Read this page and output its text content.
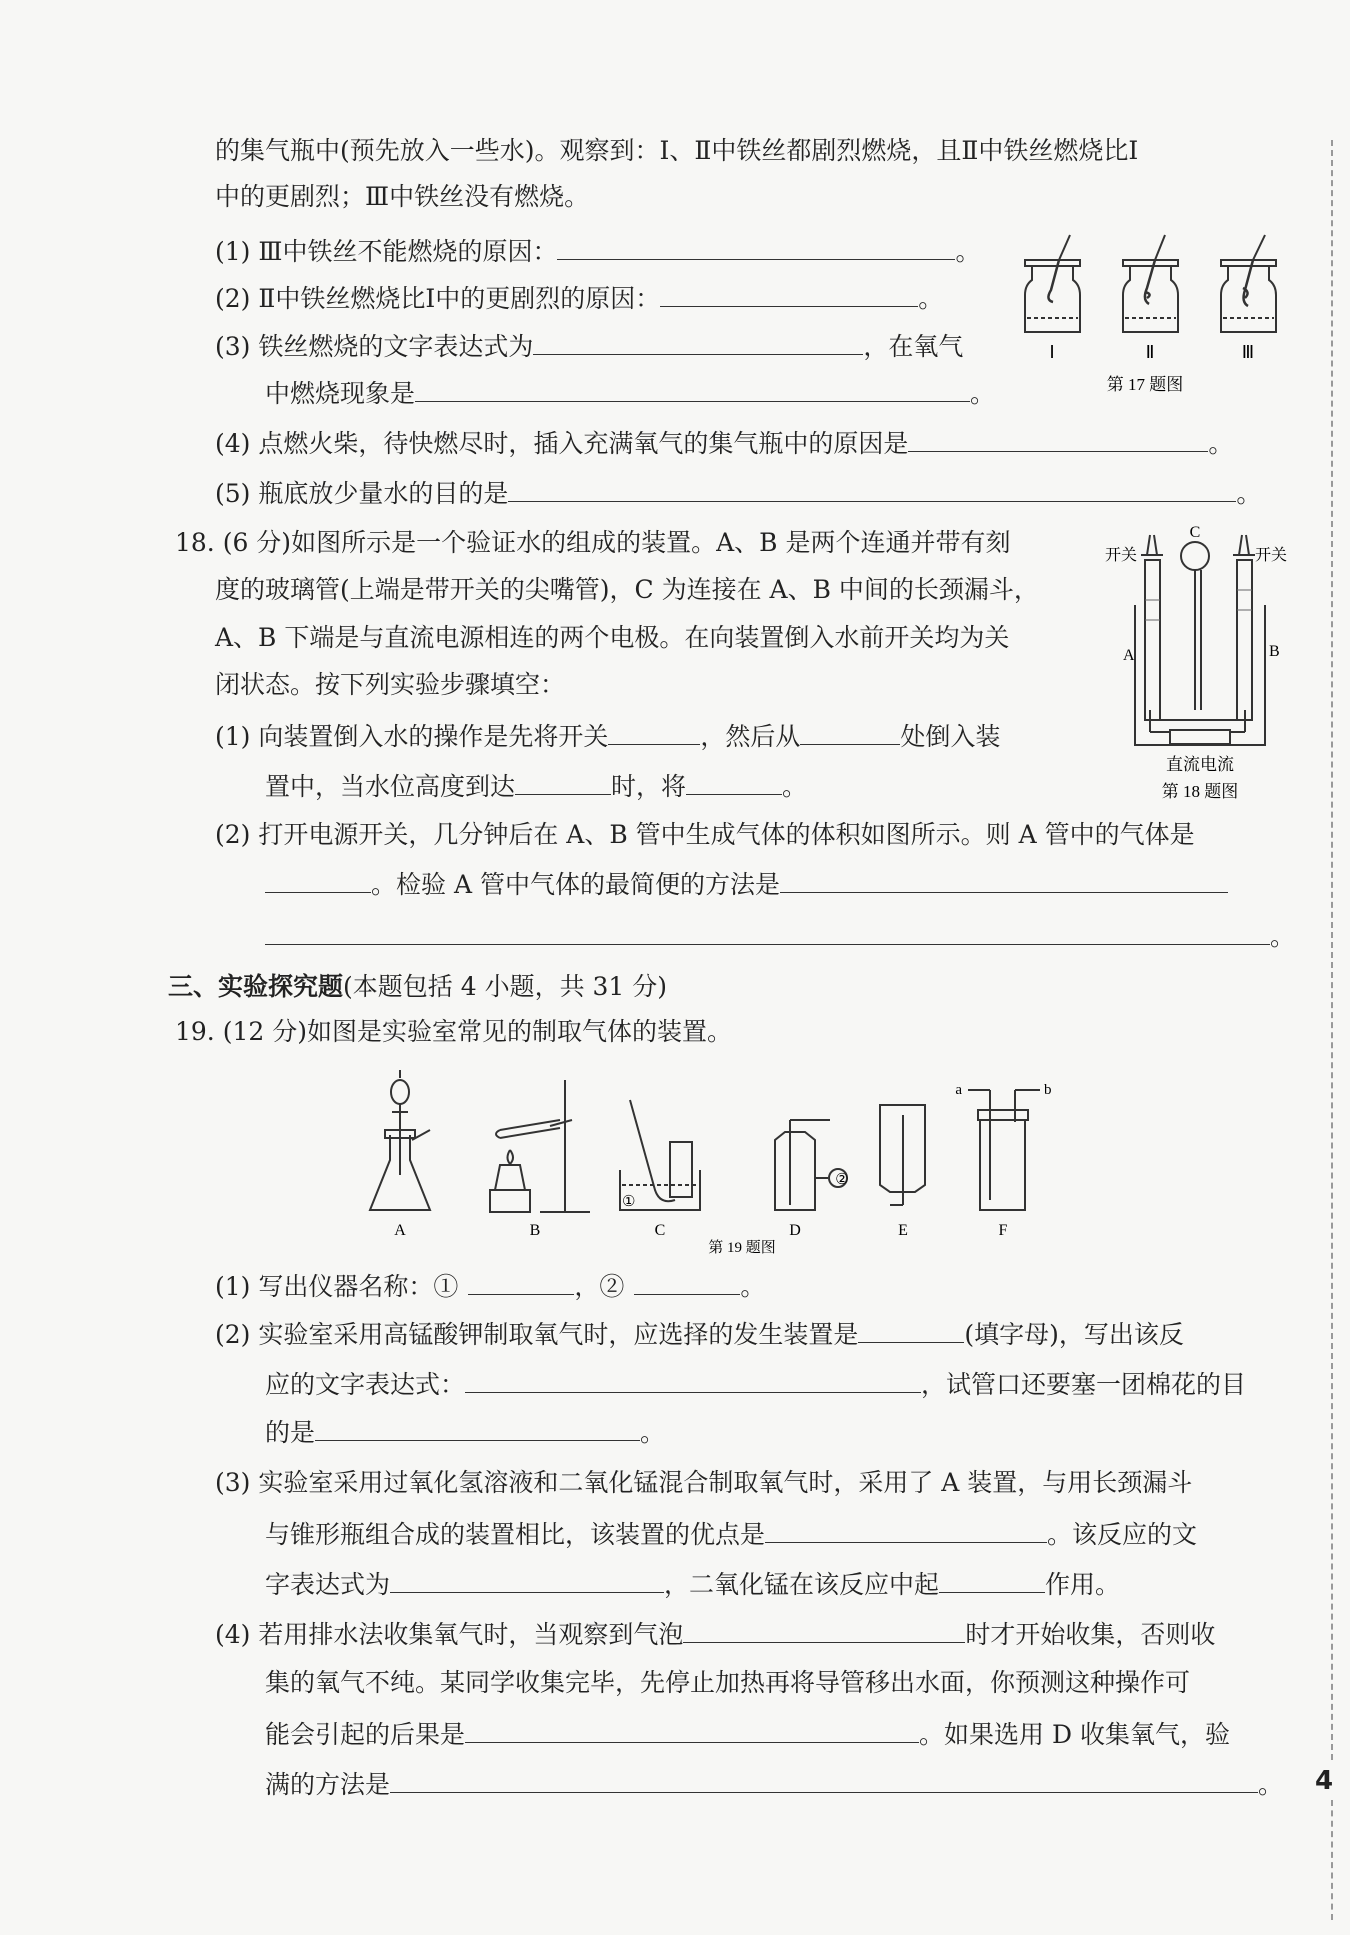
的集气瓶中(预先放入一些水)。观察到：Ⅰ、Ⅱ中铁丝都剧烈燃烧，且Ⅱ中铁丝燃烧比Ⅰ
中的更剧烈；Ⅲ中铁丝没有燃烧。
(1) Ⅲ中铁丝不能燃烧的原因：	。
(2) Ⅱ中铁丝燃烧比Ⅰ中的更剧烈的原因：	。
(3) 铁丝燃烧的文字表达式为	，在氧气
中燃烧现象是	。
(4) 点燃火柴，待快燃尽时，插入充满氧气的集气瓶中的原因是	。
(5) 瓶底放少量水的目的是	。
Ⅰ	Ⅱ	Ⅲ
第 17 题图
18. (6 分)如图所示是一个验证水的组成的装置。A、B 是两个连通并带有刻
度的玻璃管(上端是带开关的尖嘴管)，C 为连接在 A、B 中间的长颈漏斗，
A、B 下端是与直流电源相连的两个电极。在向装置倒入水前开关均为关
闭状态。按下列实验步骤填空：
(1) 向装置倒入水的操作是先将开关	，然后从	处倒入装
置中，当水位高度到达	时，将	。
(2) 打开电源开关，几分钟后在 A、B 管中生成气体的体积如图所示。则 A 管中的气体是
。检验 A 管中气体的最简便的方法是
。
C
开关	开关
A	B
直流电流
第 18 题图
三、实验探究题(本题包括 4 小题，共 31 分)
19. (12 分)如图是实验室常见的制取气体的装置。
①
②
a	b
A	B	C	D	E	F
第 19 题图
(1) 写出仪器名称：①	，②	。
(2) 实验室采用高锰酸钾制取氧气时，应选择的发生装置是	(填字母)，写出该反
应的文字表达式：	，试管口还要塞一团棉花的目
的是	。
(3) 实验室采用过氧化氢溶液和二氧化锰混合制取氧气时，采用了 A 装置，与用长颈漏斗
与锥形瓶组合成的装置相比，该装置的优点是	。该反应的文
字表达式为	，二氧化锰在该反应中起	作用。
(4) 若用排水法收集氧气时，当观察到气泡	时才开始收集，否则收
集的氧气不纯。某同学收集完毕，先停止加热再将导管移出水面，你预测这种操作可
能会引起的后果是	。如果选用 D 收集氧气，验
满的方法是	。 4
